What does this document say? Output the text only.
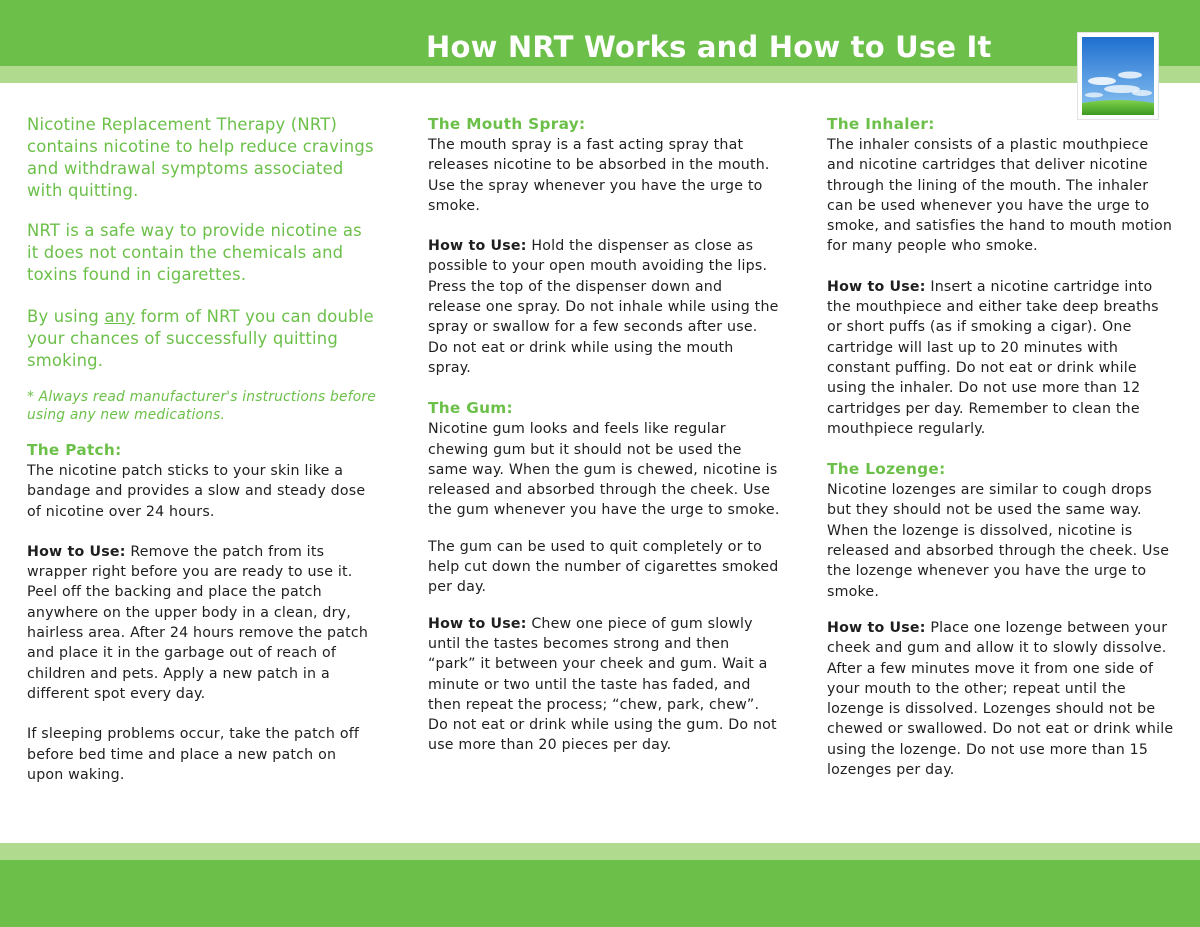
How NRT Works and How to Use It

Nicotine Replacement Therapy (NRT) contains nicotine to help reduce cravings and withdrawal symptoms associated with quitting.

NRT is a safe way to provide nicotine as it does not contain the chemicals and toxins found in cigarettes.

By using any form of NRT you can double your chances of successfully quitting smoking.

* Always read manufacturer's instructions before using any new medications.

The Patch:

The nicotine patch sticks to your skin like a bandage and provides a slow and steady dose of nicotine over 24 hours.

How to Use: Remove the patch from its wrapper right before you are ready to use it. Peel off the backing and place the patch anywhere on the upper body in a clean, dry, hairless area. After 24 hours remove the patch and place it in the garbage out of reach of children and pets. Apply a new patch in a different spot every day.

If sleeping problems occur, take the patch off before bed time and place a new patch on upon waking.

The Mouth Spray:

The mouth spray is a fast acting spray that releases nicotine to be absorbed in the mouth. Use the spray whenever you have the urge to smoke.

How to Use: Hold the dispenser as close as possible to your open mouth avoiding the lips. Press the top of the dispenser down and release one spray. Do not inhale while using the spray or swallow for a few seconds after use. Do not eat or drink while using the mouth spray.

The Gum:

Nicotine gum looks and feels like regular chewing gum but it should not be used the same way. When the gum is chewed, nicotine is released and absorbed through the cheek. Use the gum whenever you have the urge to smoke.

The gum can be used to quit completely or to help cut down the number of cigarettes smoked per day.

How to Use: Chew one piece of gum slowly until the tastes becomes strong and then “park” it between your cheek and gum. Wait a minute or two until the taste has faded, and then repeat the process; “chew, park, chew”. Do not eat or drink while using the gum. Do not use more than 20 pieces per day.

The Inhaler:

The inhaler consists of a plastic mouthpiece and nicotine cartridges that deliver nicotine through the lining of the mouth. The inhaler can be used whenever you have the urge to smoke, and satisfies the hand to mouth motion for many people who smoke.

How to Use: Insert a nicotine cartridge into the mouthpiece and either take deep breaths or short puffs (as if smoking a cigar). One cartridge will last up to 20 minutes with constant puffing. Do not eat or drink while using the inhaler. Do not use more than 12 cartridges per day. Remember to clean the mouthpiece regularly.

The Lozenge:

Nicotine lozenges are similar to cough drops but they should not be used the same way. When the lozenge is dissolved, nicotine is released and absorbed through the cheek. Use the lozenge whenever you have the urge to smoke.

How to Use: Place one lozenge between your cheek and gum and allow it to slowly dissolve. After a few minutes move it from one side of your mouth to the other; repeat until the lozenge is dissolved. Lozenges should not be chewed or swallowed. Do not eat or drink while using the lozenge. Do not use more than 15 lozenges per day.
